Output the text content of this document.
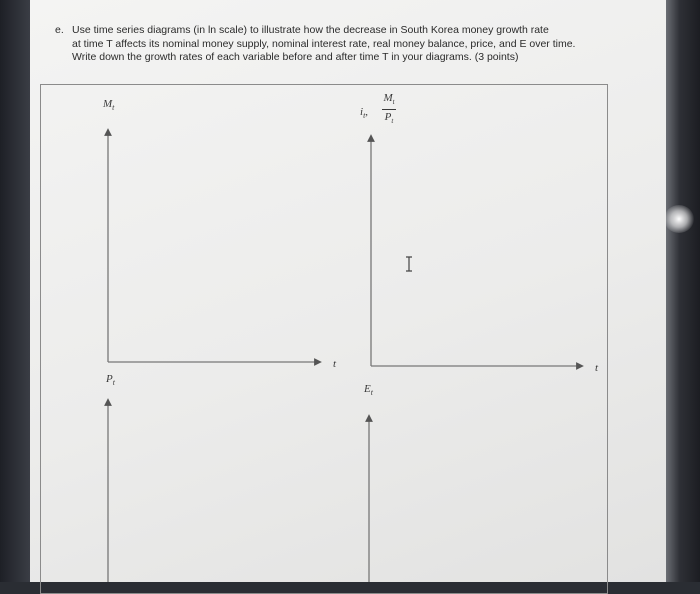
e. Use time series diagrams (in ln scale) to illustrate how the decrease in South Korea money growth rate
at time T affects its nominal money supply, nominal interest rate, real money balance, price, and E over time.
Write down the growth rates of each variable before and after time T in your diagrams. (3 points)
$M_t$
t
$i_t$,
$M_t$
$P_t$
t
$P_t$
$E_t$
